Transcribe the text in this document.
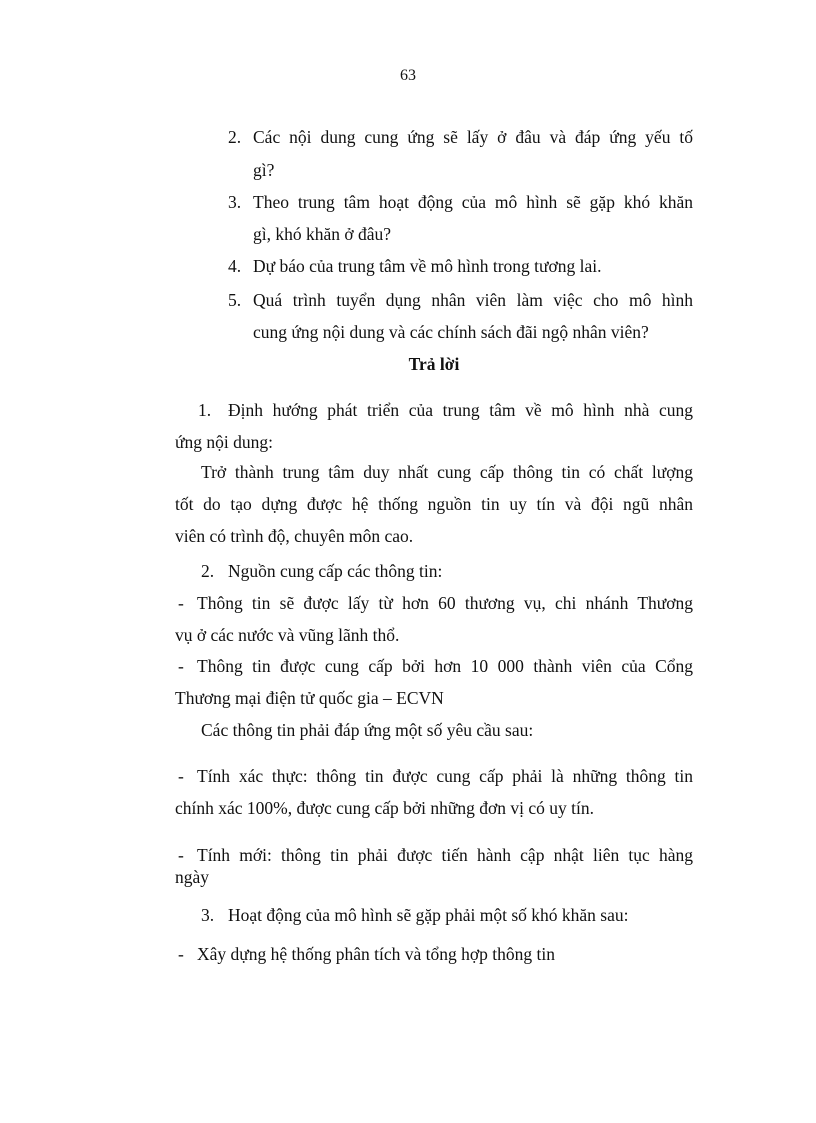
63
2. Các nội dung cung ứng sẽ lấy ở đâu và đáp ứng yếu tố
gì?
3. Theo trung tâm hoạt động của mô hình sẽ gặp khó khăn
gì, khó khăn ở đâu?
4. Dự báo của trung tâm về mô hình trong tương lai.
5. Quá trình tuyển dụng nhân viên làm việc cho mô hình
cung ứng nội dung và các chính sách đãi ngộ nhân viên?
Trả lời
1. Định hướng phát triển của trung tâm về mô hình nhà cung
ứng nội dung:
Trở thành trung tâm duy nhất cung cấp thông tin có chất lượng
tốt do tạo dựng được hệ thống nguồn tin uy tín và đội ngũ nhân
viên có trình độ, chuyên môn cao.
2. Nguồn cung cấp các thông tin:
- Thông tin sẽ được lấy từ hơn 60 thương vụ, chi nhánh Thương
vụ ở các nước và vũng lãnh thổ.
- Thông tin được cung cấp bởi hơn 10 000 thành viên của Cổng
Thương mại điện tử quốc gia – ECVN
Các thông tin phải đáp ứng một số yêu cầu sau:
- Tính xác thực: thông tin được cung cấp phải là những thông tin
chính xác 100%, được cung cấp bởi những đơn vị có uy tín.
- Tính mới: thông tin phải được tiến hành cập nhật liên tục hàng
ngày
3. Hoạt động của mô hình sẽ gặp phải một số khó khăn sau:
- Xây dựng hệ thống phân tích và tổng hợp thông tin
